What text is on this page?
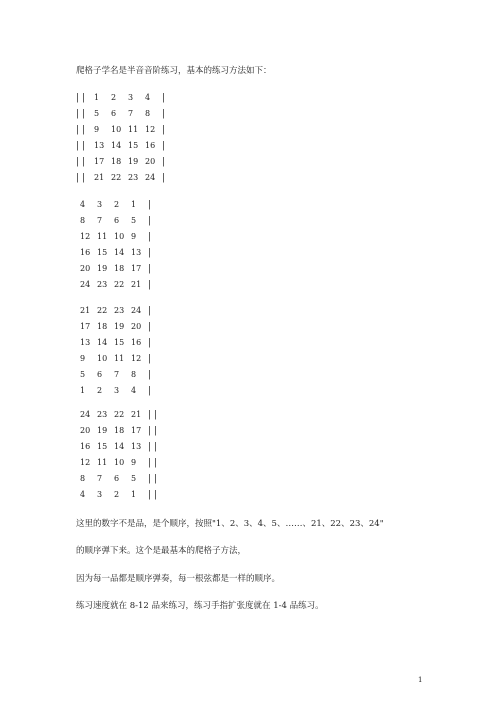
爬格子学名是半音音阶练习，基本的练习方法如下：
| | 1 2 3 4 |
| | 5 6 7 8 |
| | 9 10 11 12 |
| | 13 14 15 16 |
| | 17 18 19 20 |
| | 21 22 23 24 |
4 3 2 1 |
8 7 6 5 |
12 11 10 9 |
16 15 14 13 |
20 19 18 17 |
24 23 22 21 |
21 22 23 24 |
17 18 19 20 |
13 14 15 16 |
9 10 11 12 |
5 6 7 8 |
1 2 3 4 |
24 23 22 21 | |
20 19 18 17 | |
16 15 14 13 | |
12 11 10 9 | |
8 7 6 5 | |
4 3 2 1 | |
这里的数字不是品，是个顺序，按照"1、2、3、4、5、……、21、22、23、24"
的顺序弹下来。这个是最基本的爬格子方法，
因为每一品都是顺序弹奏，每一根弦都是一样的顺序。
练习速度就在 8-12 品来练习，练习手指扩张度就在 1-4 品练习。
1
